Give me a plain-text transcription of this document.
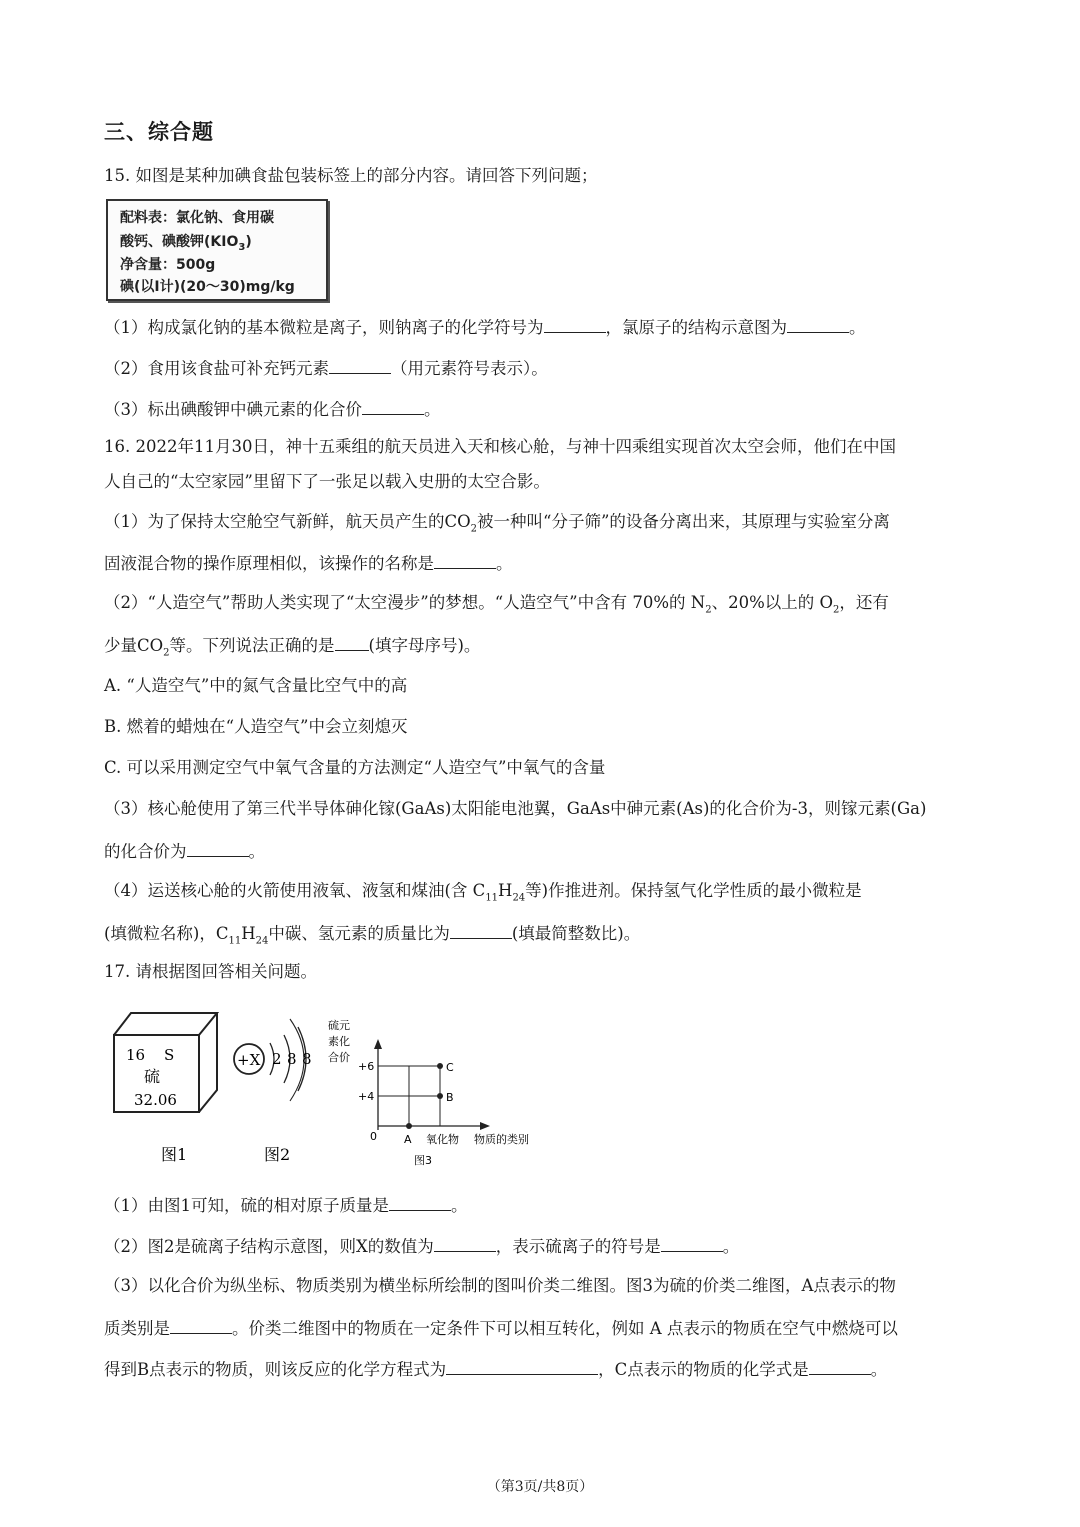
三、综合题
15. 如图是某种加碘食盐包装标签上的部分内容。请回答下列问题；
配料表：氯化钠、食用碳
酸钙、碘酸钾$(KIO_3)$
净含量：500g
碘(以I计)(20～30)mg/kg
（1）构成氯化钠的基本微粒是离子，则钠离子的化学符号为	，氯原子的结构示意图为	。
（2）食用该食盐可补充钙元素	（用元素符号表示）。
（3）标出碘酸钾中碘元素的化合价	。
16. 2022年11月30日，神十五乘组的航天员进入天和核心舱，与神十四乘组实现首次太空会师，他们在中国
人自己的“太空家园”里留下了一张足以载入史册的太空合影。
（1）为了保持太空舱空气新鲜，航天员产生的$CO_2$被一种叫“分子筛”的设备分离出来，其原理与实验室分离
固液混合物的操作原理相似，该操作的名称是	。
（2）“人造空气”帮助人类实现了“太空漫步”的梦想。“人造空气”中含有 70%的 $N_2$、20%以上的 $O_2$，还有
少量$CO_2$等。下列说法正确的是 (填字母序号)。
A. “人造空气”中的氮气含量比空气中的高
B. 燃着的蜡烛在“人造空气”中会立刻熄灭
C. 可以采用测定空气中氧气含量的方法测定“人造空气”中氧气的含量
（3）核心舱使用了第三代半导体砷化镓(GaAs)太阳能电池翼，GaAs中砷元素(As)的化合价为-3，则镓元素(Ga)
的化合价为	。
（4）运送核心舱的火箭使用液氧、液氢和煤油(含 $C_{11}H_{24}$等)作推进剂。保持氢气化学性质的最小微粒是
(填微粒名称)，$C_{11}H_{24}$中碳、氢元素的质量比为	(填最简整数比)。
17. 请根据图回答相关问题。
16 S
硫
32.06
图1
+X 2 8 8
图2
硫元
素化
合价
+6
+4
0
C
B
A 氧化物 物质的类别
图3
（1）由图1可知，硫的相对原子质量是	。
（2）图2是硫离子结构示意图，则X的数值为	，表示硫离子的符号是	。
（3）以化合价为纵坐标、物质类别为横坐标所绘制的图叫价类二维图。图3为硫的价类二维图，A点表示的物
质类别是	。价类二维图中的物质在一定条件下可以相互转化，例如 A 点表示的物质在空气中燃烧可以
得到B点表示的物质，则该反应的化学方程式为	，C点表示的物质的化学式是	。
（第3页/共8页）
